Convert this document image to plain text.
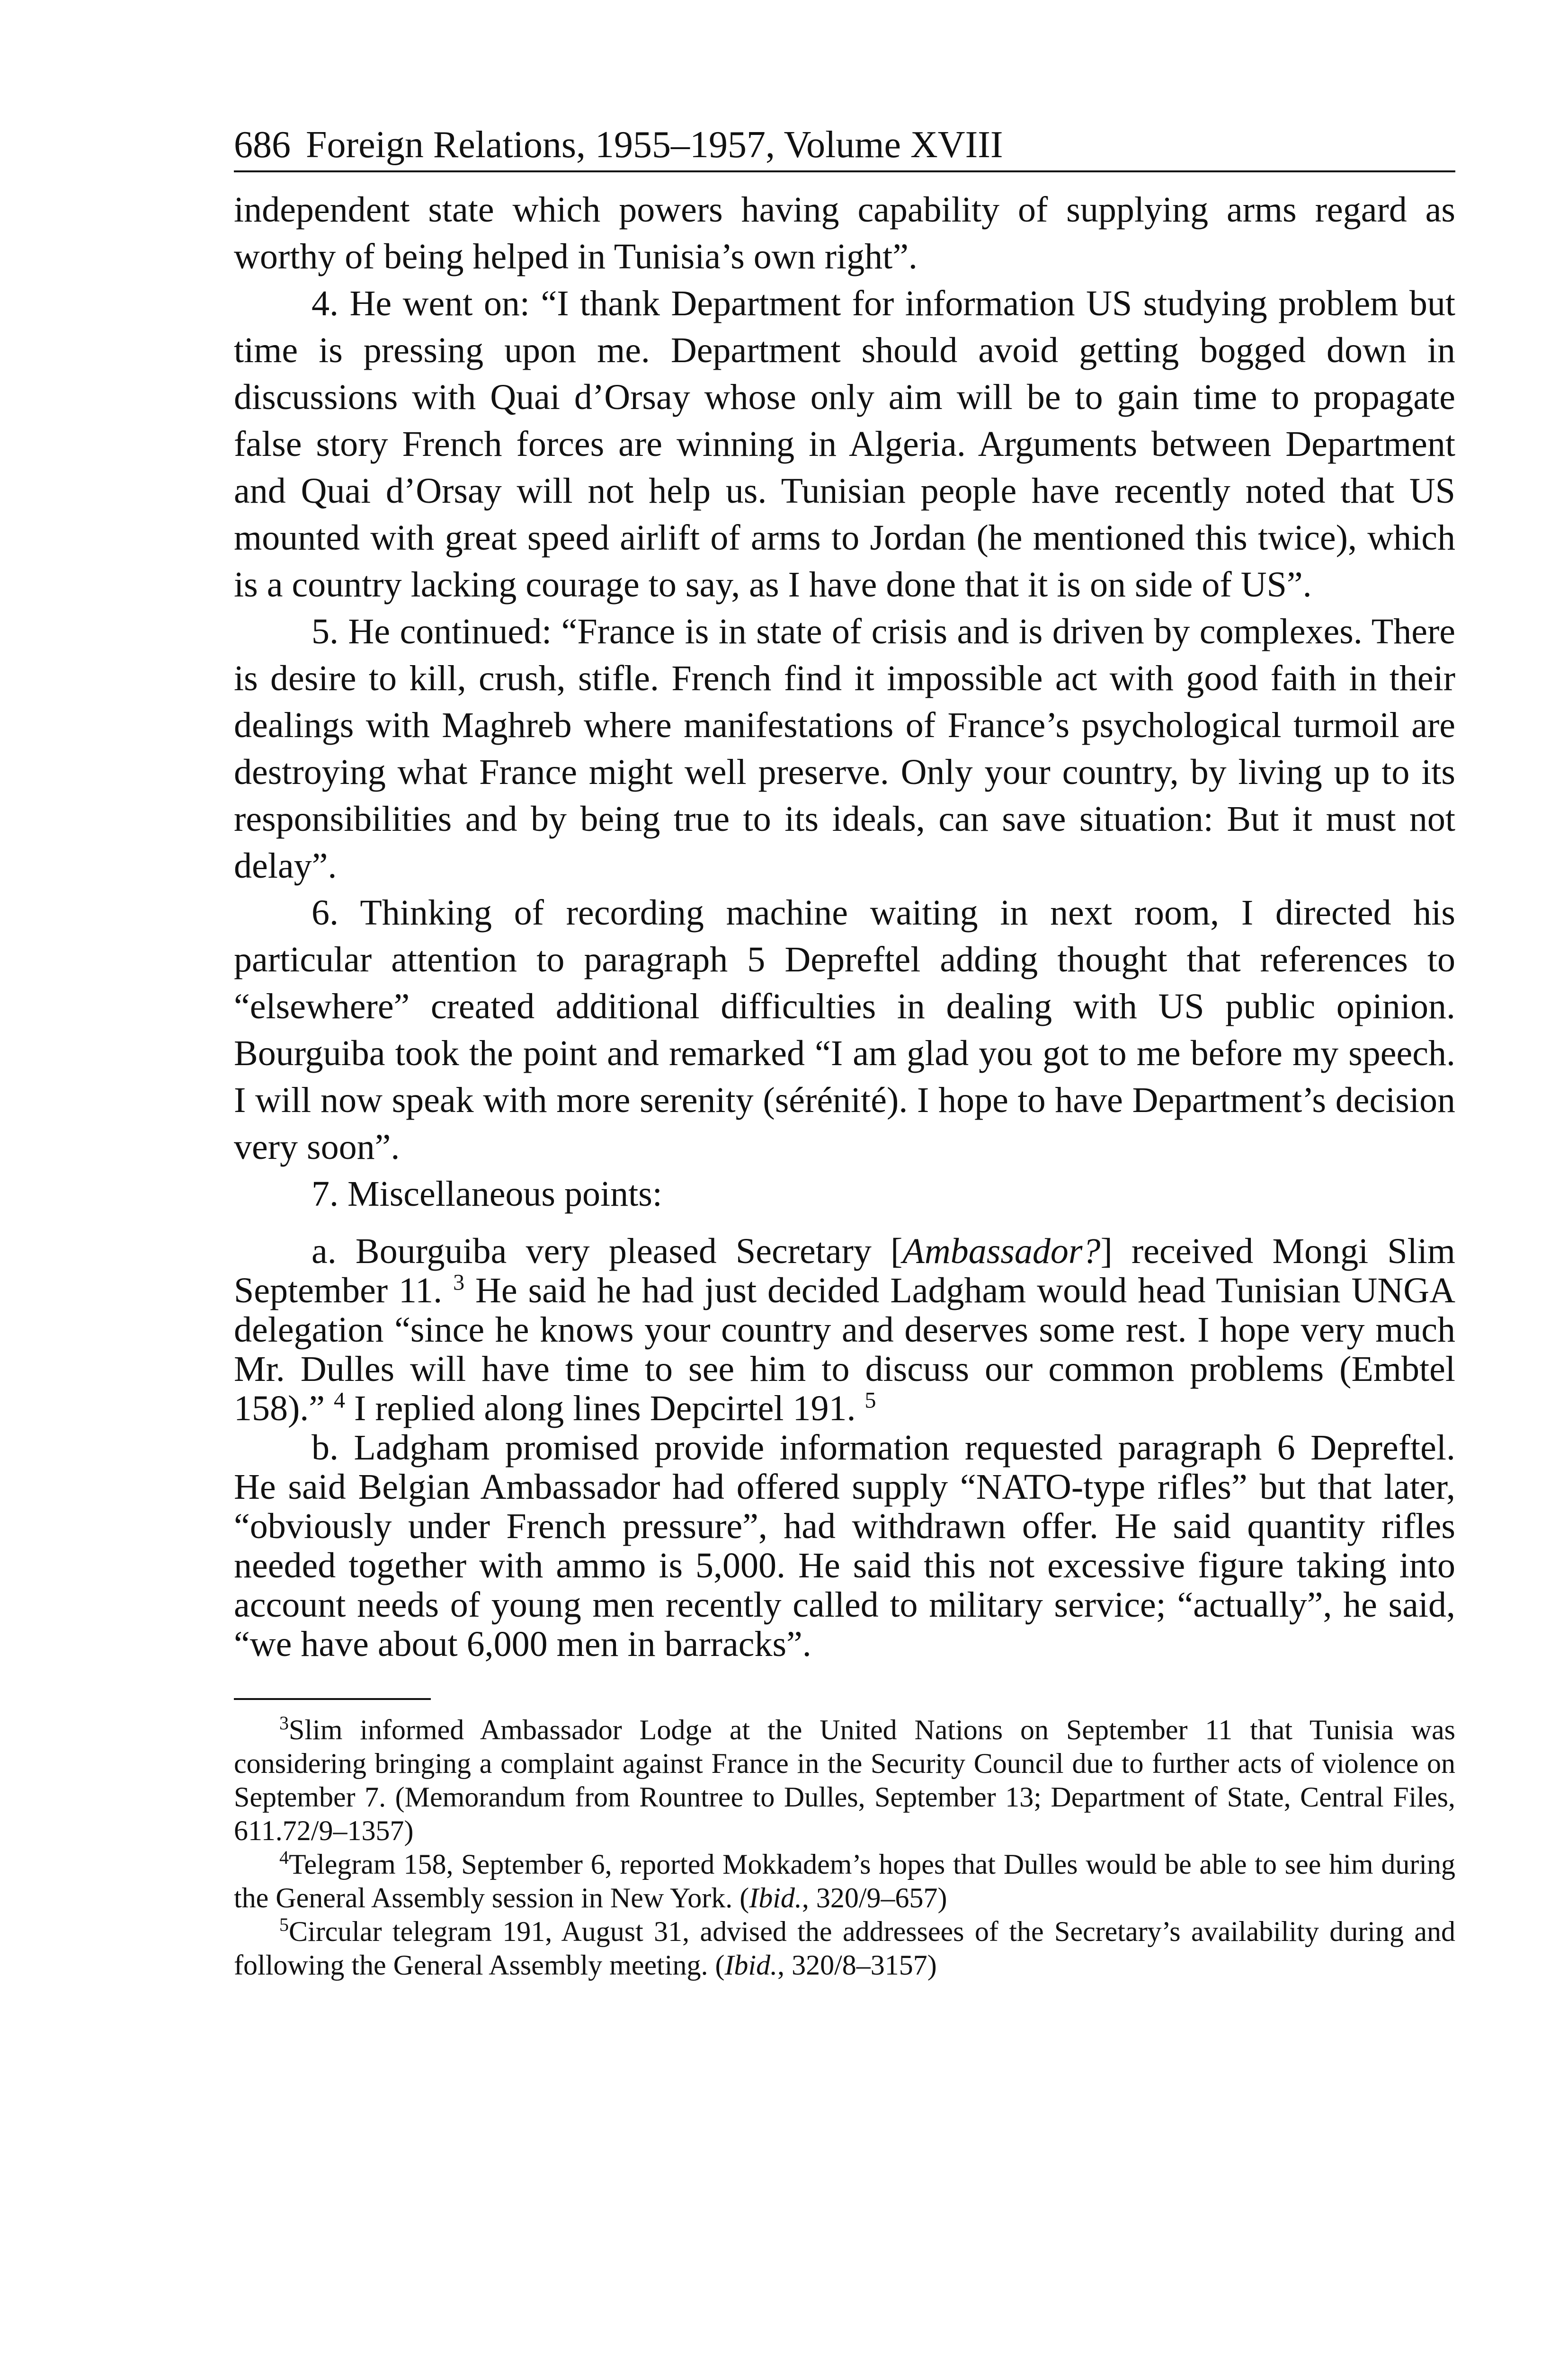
686 Foreign Relations, 1955–1957, Volume XVIII

independent state which powers having capability of supplying arms regard as worthy of being helped in Tunisia’s own right”.

4. He went on: “I thank Department for information US studying problem but time is pressing upon me. Department should avoid getting bogged down in discussions with Quai d’Orsay whose only aim will be to gain time to propagate false story French forces are winning in Algeria. Arguments between Department and Quai d’Orsay will not help us. Tunisian people have recently noted that US mounted with great speed airlift of arms to Jordan (he mentioned this twice), which is a country lacking courage to say, as I have done that it is on side of US”.

5. He continued: “France is in state of crisis and is driven by complexes. There is desire to kill, crush, stifle. French find it impossible act with good faith in their dealings with Maghreb where manifestations of France’s psychological turmoil are destroying what France might well preserve. Only your country, by living up to its responsibilities and by being true to its ideals, can save situation: But it must not delay”.

6. Thinking of recording machine waiting in next room, I directed his particular attention to paragraph 5 Depreftel adding thought that references to “elsewhere” created additional difficulties in dealing with US public opinion. Bourguiba took the point and remarked “I am glad you got to me before my speech. I will now speak with more serenity (sérénité). I hope to have Department’s decision very soon”.

7. Miscellaneous points:

a. Bourguiba very pleased Secretary [Ambassador?] received Mongi Slim September 11. $^3$ He said he had just decided Ladgham would head Tunisian UNGA delegation “since he knows your country and deserves some rest. I hope very much Mr. Dulles will have time to see him to discuss our common problems (Embtel 158).” $^4$ I replied along lines Depcirtel 191. $^5$

b. Ladgham promised provide information requested paragraph 6 Depreftel. He said Belgian Ambassador had offered supply “NATO-type rifles” but that later, “obviously under French pressure”, had withdrawn offer. He said quantity rifles needed together with ammo is 5,000. He said this not excessive figure taking into account needs of young men recently called to military service; “actually”, he said, “we have about 6,000 men in barracks”.

$^3$Slim informed Ambassador Lodge at the United Nations on September 11 that Tunisia was considering bringing a complaint against France in the Security Council due to further acts of violence on September 7. (Memorandum from Rountree to Dulles, September 13; Department of State, Central Files, 611.72/9–1357)

$^4$Telegram 158, September 6, reported Mokkadem’s hopes that Dulles would be able to see him during the General Assembly session in New York. (Ibid., 320/9–657)

$^5$Circular telegram 191, August 31, advised the addressees of the Secretary’s availability during and following the General Assembly meeting. (Ibid., 320/8–3157)
